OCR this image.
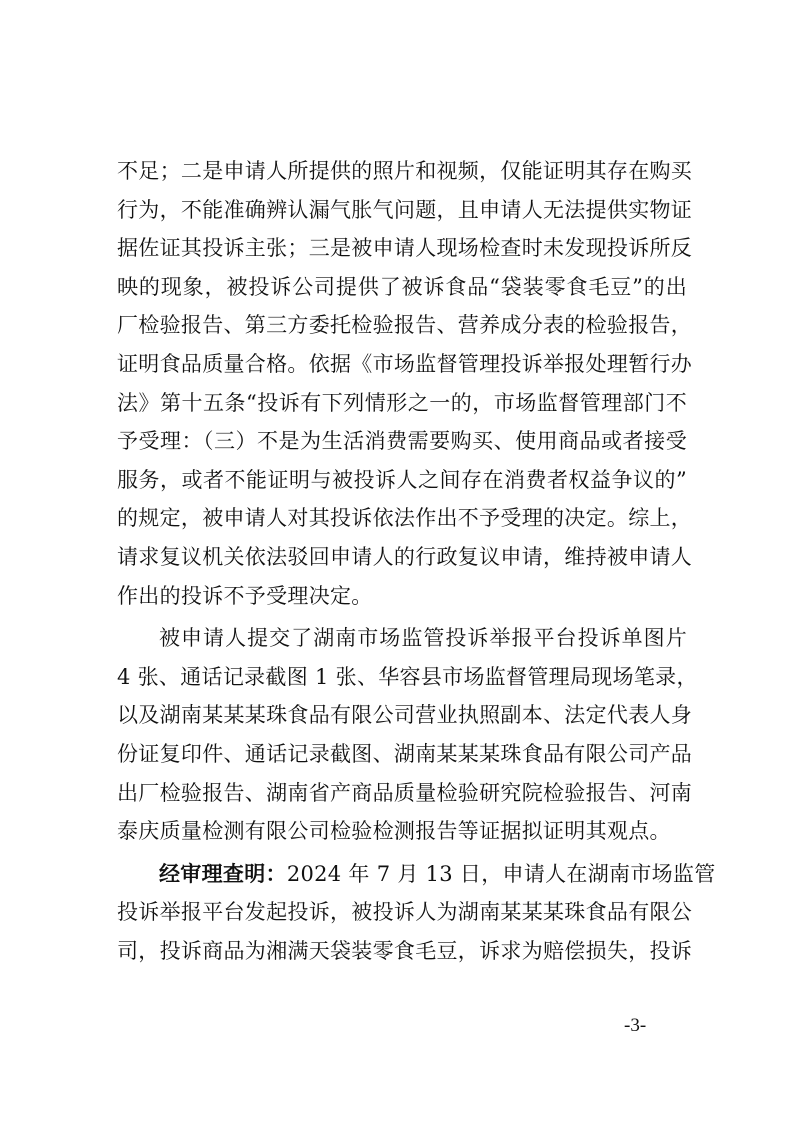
不足；二是申请人所提供的照片和视频，仅能证明其存在购买
行为，不能准确辨认漏气胀气问题，且申请人无法提供实物证
据佐证其投诉主张；三是被申请人现场检查时未发现投诉所反
映的现象，被投诉公司提供了被诉食品“袋装零食毛豆”的出
厂检验报告、第三方委托检验报告、营养成分表的检验报告，
证明食品质量合格。依据《市场监督管理投诉举报处理暂行办
法》第十五条“投诉有下列情形之一的，市场监督管理部门不
予受理：（三）不是为生活消费需要购买、使用商品或者接受
服务，或者不能证明与被投诉人之间存在消费者权益争议的”
的规定，被申请人对其投诉依法作出不予受理的决定。综上，
请求复议机关依法驳回申请人的行政复议申请，维持被申请人
作出的投诉不予受理决定。
被申请人提交了湖南市场监管投诉举报平台投诉单图片
4 张、通话记录截图 1 张、华容县市场监督管理局现场笔录，
以及湖南某某某珠食品有限公司营业执照副本、法定代表人身
份证复印件、通话记录截图、湖南某某某珠食品有限公司产品
出厂检验报告、湖南省产商品质量检验研究院检验报告、河南
泰庆质量检测有限公司检验检测报告等证据拟证明其观点。
经审理查明：2024 年 7 月 13 日，申请人在湖南市场监管
投诉举报平台发起投诉，被投诉人为湖南某某某珠食品有限公
司，投诉商品为湘满天袋装零食毛豆，诉求为赔偿损失，投诉
-3-
